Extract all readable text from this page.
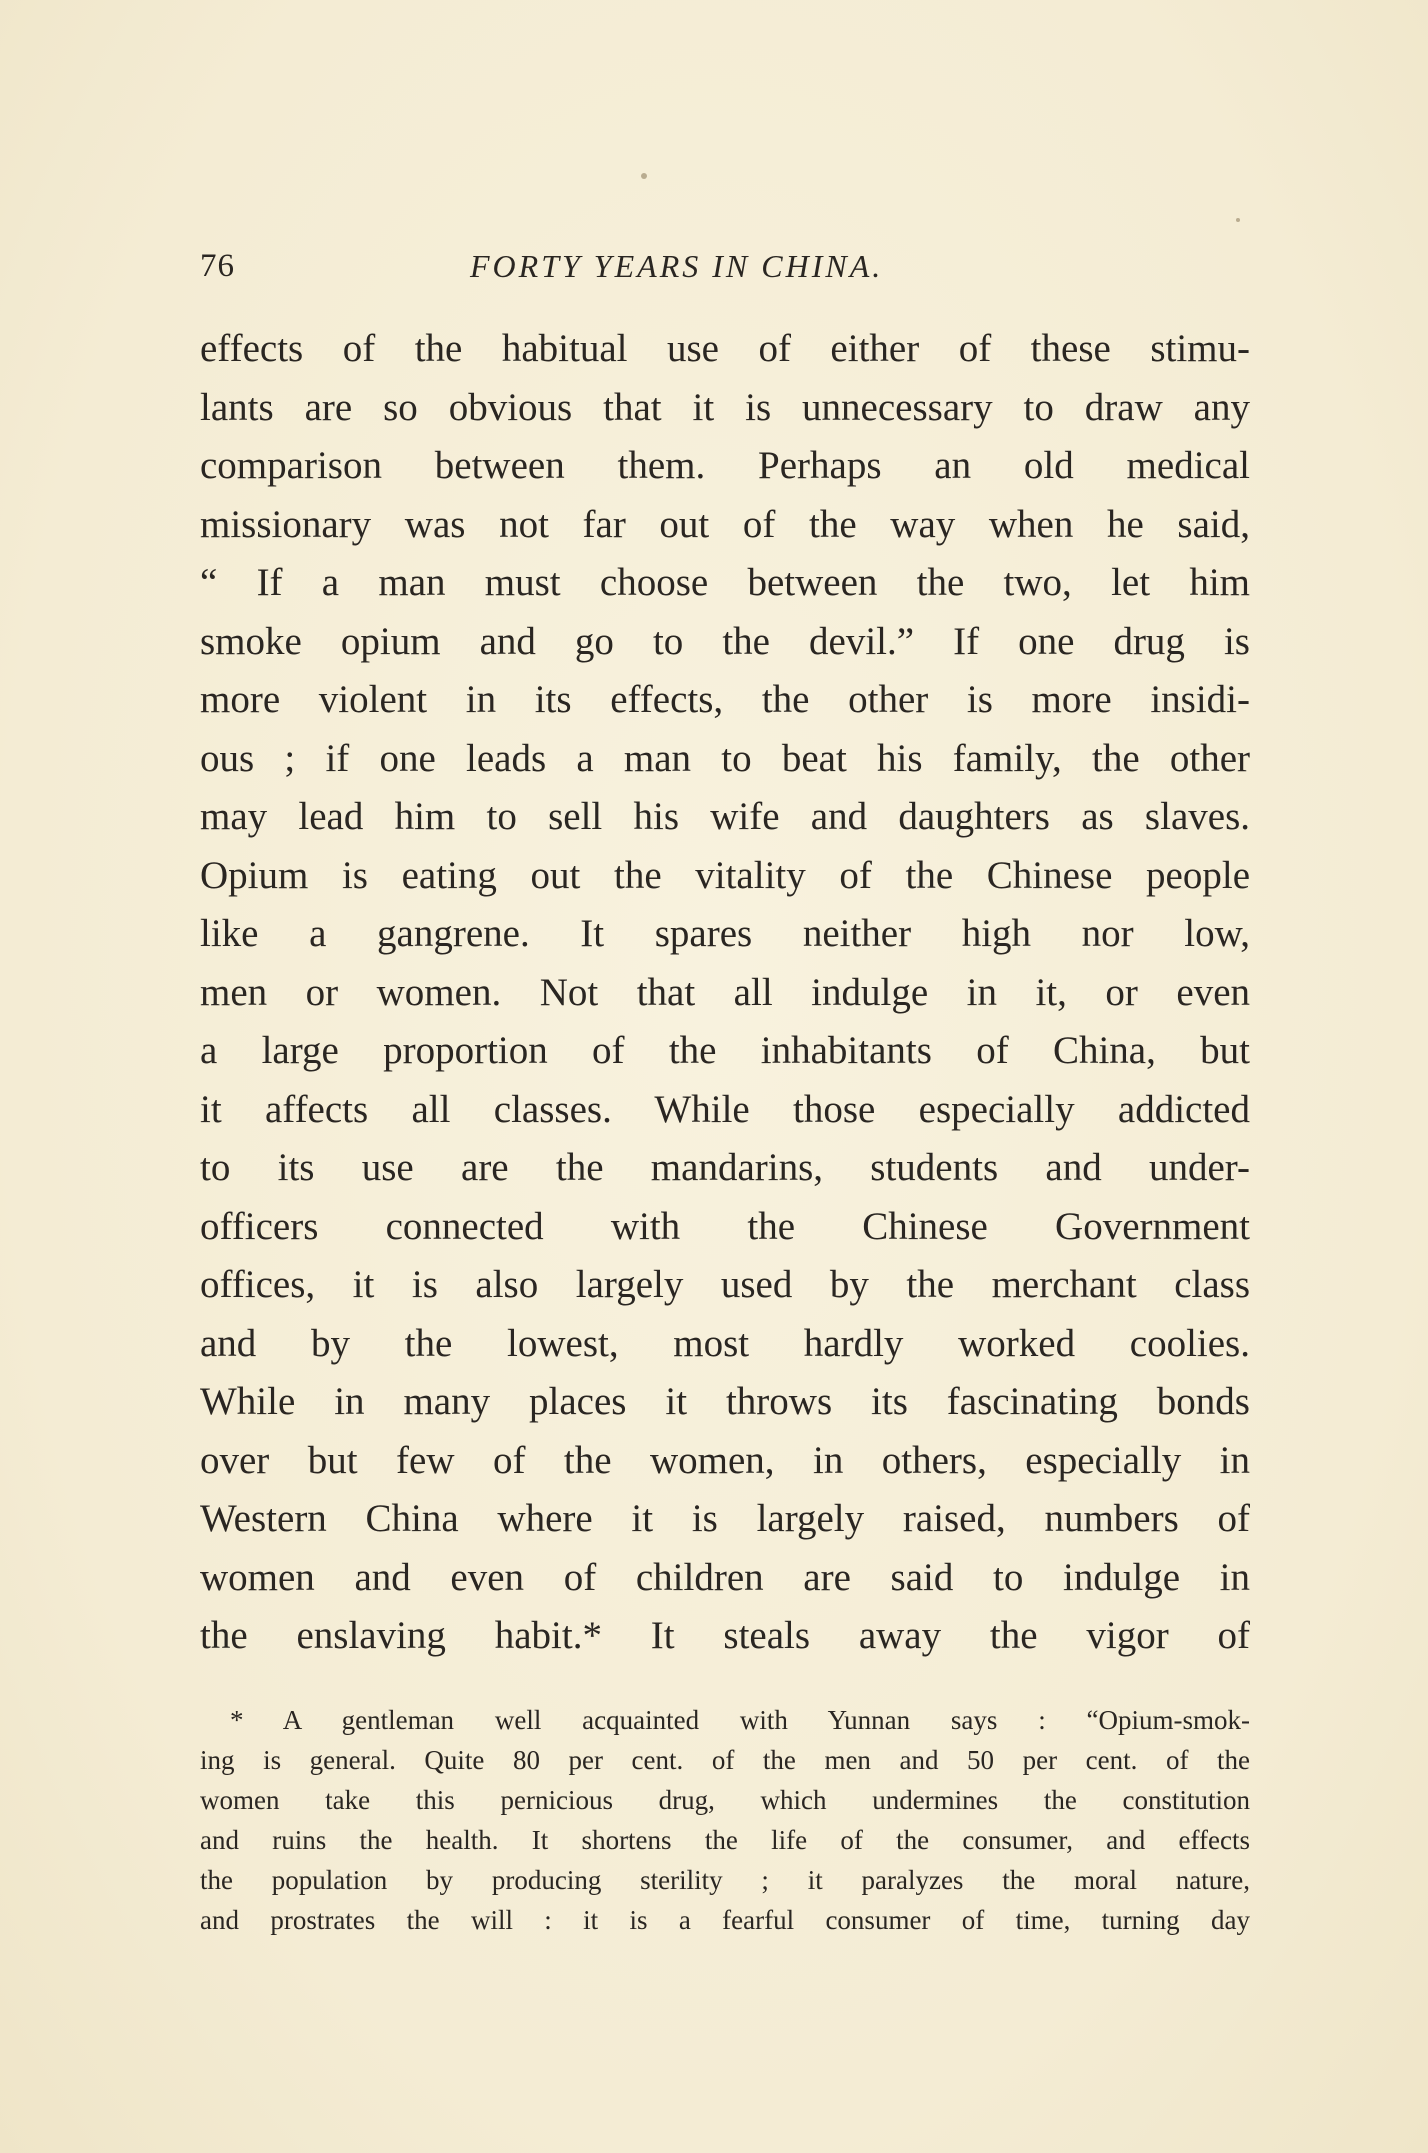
76	FORTY YEARS IN CHINA.
effects of the habitual use of either of these stimu-
lants are so obvious that it is unnecessary to draw any
comparison between them. Perhaps an old medical
missionary was not far out of the way when he said,
“ If a man must choose between the two, let him
smoke opium and go to the devil.” If one drug is
more violent in its effects, the other is more insidi-
ous ; if one leads a man to beat his family, the other
may lead him to sell his wife and daughters as slaves.
Opium is eating out the vitality of the Chinese people
like a gangrene. It spares neither high nor low,
men or women. Not that all indulge in it, or even
a large proportion of the inhabitants of China, but
it affects all classes. While those especially addicted
to its use are the mandarins, students and under-
officers connected with the Chinese Government
offices, it is also largely used by the merchant class
and by the lowest, most hardly worked coolies.
While in many places it throws its fascinating bonds
over but few of the women, in others, especially in
Western China where it is largely raised, numbers of
women and even of children are said to indulge in
the enslaving habit.* It steals away the vigor of
* A gentleman well acquainted with Yunnan says : “Opium-smok-
ing is general. Quite 80 per cent. of the men and 50 per cent. of the
women take this pernicious drug, which undermines the constitution
and ruins the health. It shortens the life of the consumer, and effects
the population by producing sterility ; it paralyzes the moral nature,
and prostrates the will : it is a fearful consumer of time, turning day
